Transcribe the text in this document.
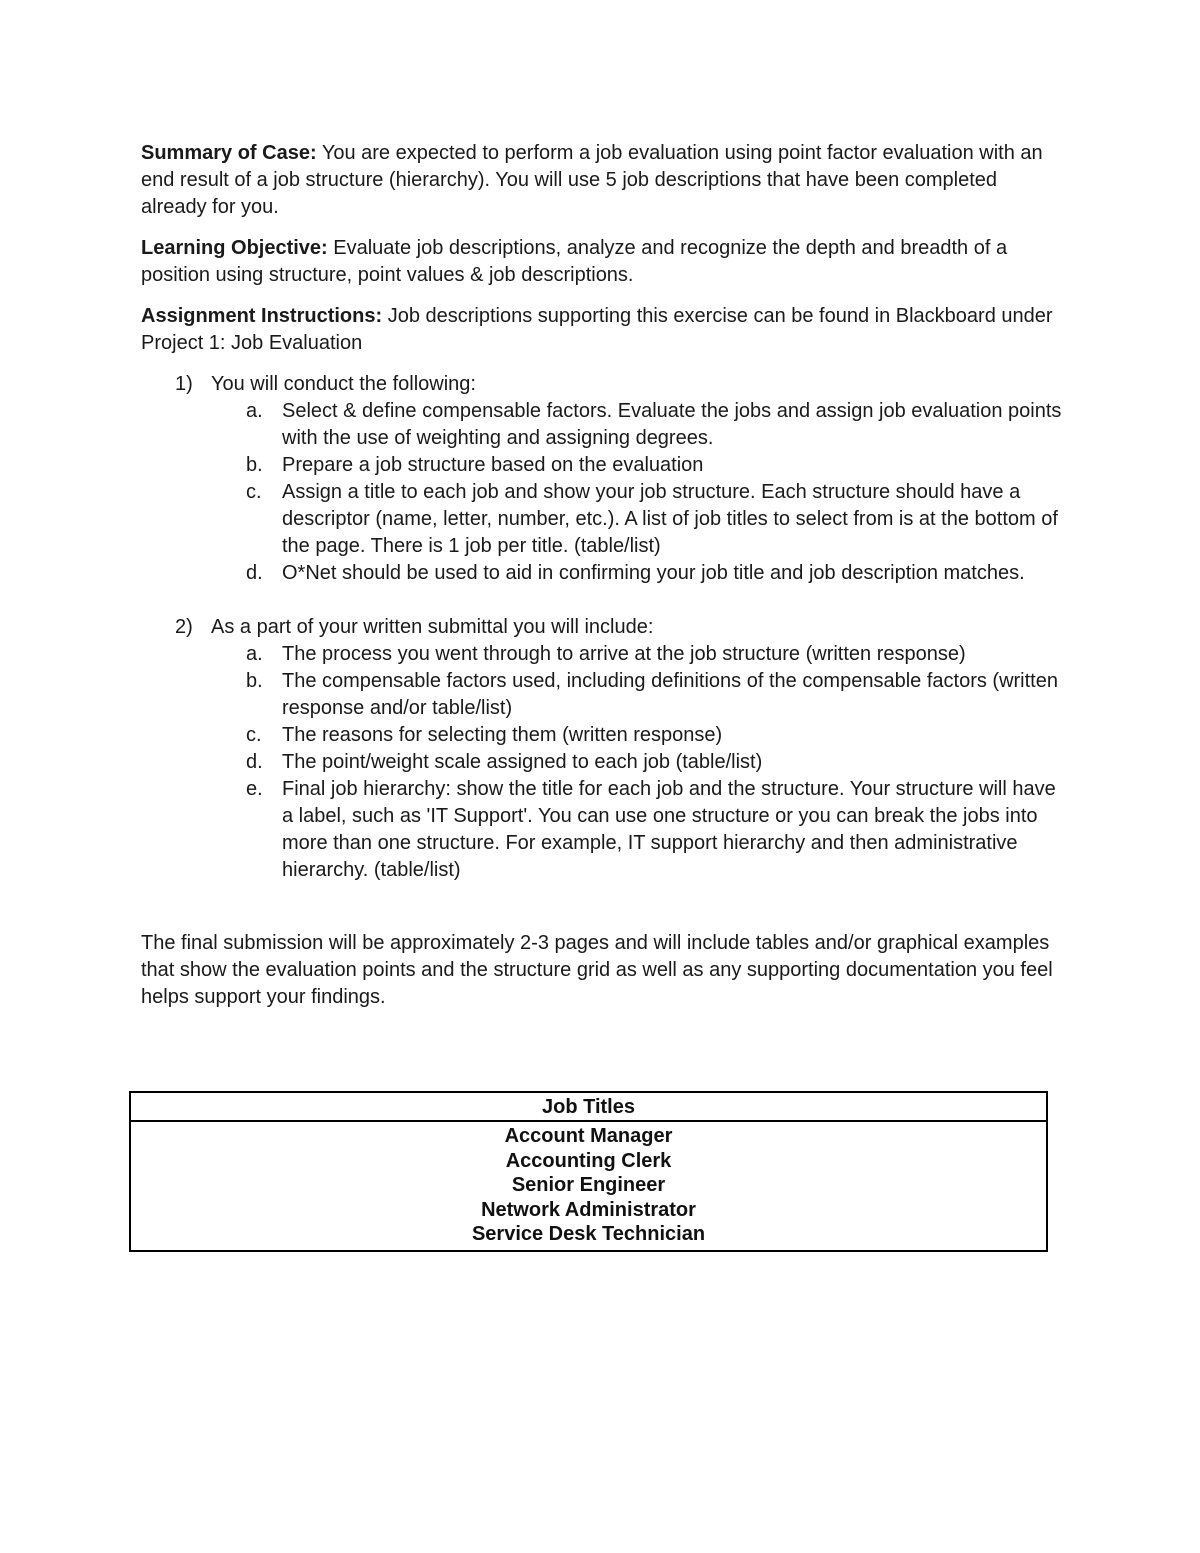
Summary of Case: You are expected to perform a job evaluation using point factor evaluation with an end result of a job structure (hierarchy). You will use 5 job descriptions that have been completed already for you.

Learning Objective: Evaluate job descriptions, analyze and recognize the depth and breadth of a position using structure, point values & job descriptions.

Assignment Instructions: Job descriptions supporting this exercise can be found in Blackboard under Project 1: Job Evaluation

1) You will conduct the following:
a. Select & define compensable factors. Evaluate the jobs and assign job evaluation points with the use of weighting and assigning degrees.
b. Prepare a job structure based on the evaluation
c. Assign a title to each job and show your job structure. Each structure should have a descriptor (name, letter, number, etc.). A list of job titles to select from is at the bottom of the page. There is 1 job per title. (table/list)
d. O*Net should be used to aid in confirming your job title and job description matches.
2) As a part of your written submittal you will include:
a. The process you went through to arrive at the job structure (written response)
b. The compensable factors used, including definitions of the compensable factors (written response and/or table/list)
c. The reasons for selecting them (written response)
d. The point/weight scale assigned to each job (table/list)
e. Final job hierarchy: show the title for each job and the structure. Your structure will have a label, such as 'IT Support'. You can use one structure or you can break the jobs into more than one structure. For example, IT support hierarchy and then administrative hierarchy. (table/list)

The final submission will be approximately 2-3 pages and will include tables and/or graphical examples that show the evaluation points and the structure grid as well as any supporting documentation you feel helps support your findings.

Job Titles

Account Manager
Accounting Clerk
Senior Engineer
Network Administrator
Service Desk Technician
